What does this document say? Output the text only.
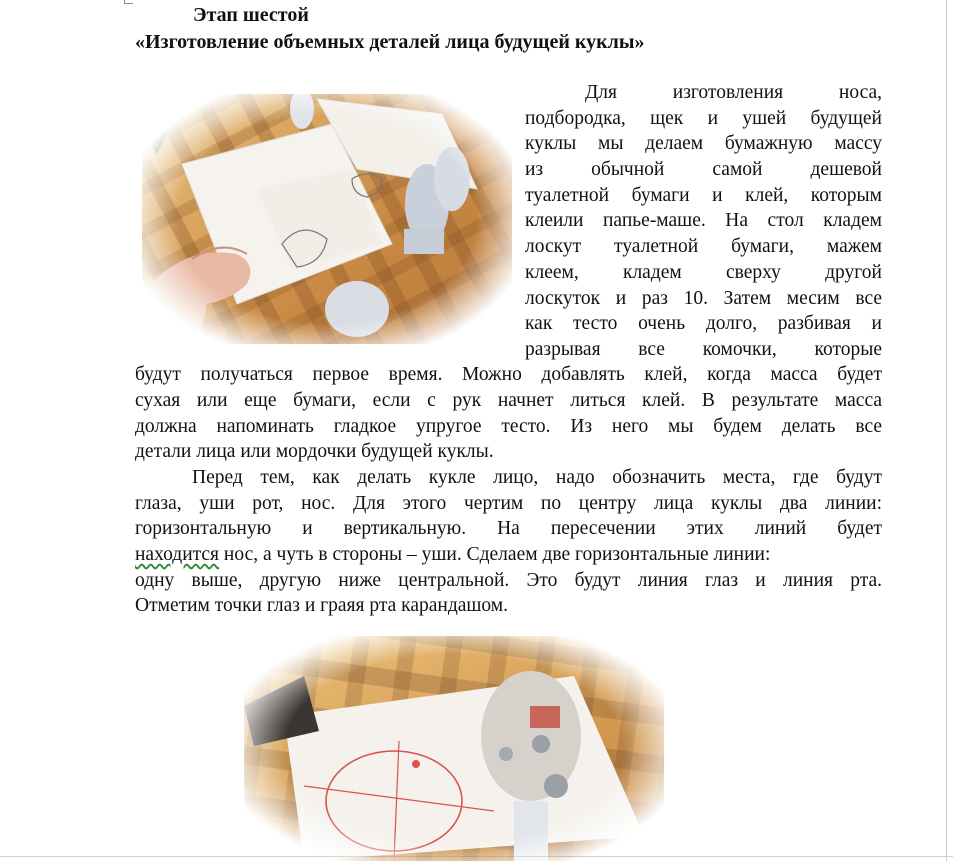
Этап шестой
«Изготовление объемных деталей лица будущей куклы»
Для изготовления носа,
подбородка, щек и ушей будущей
куклы мы делаем бумажную массу
из обычной самой дешевой
туалетной бумаги и клей, которым
клеили папье-маше. На стол кладем
лоскут туалетной бумаги, мажем
клеем, кладем сверху другой
лоскуток и раз 10. Затем месим все
как тесто очень долго, разбивая и
разрывая все комочки, которые
будут получаться первое время. Можно добавлять клей, когда масса будет
сухая или еще бумаги, если с рук начнет литься клей. В результате масса
должна напоминать гладкое упругое тесто. Из него мы будем делать все
детали лица или мордочки будущей куклы.
Перед тем, как делать кукле лицо, надо обозначить места, где будут
глаза, уши рот, нос. Для этого чертим по центру лица куклы два линии:
горизонтальную и вертикальную. На пересечении этих линий будет
находится нос, а чуть в стороны – уши. Сделаем две горизонтальные линии:
одну выше, другую ниже центральной. Это будут линия глаз и линия рта.
Отметим точки глаз и граяя рта карандашом.
